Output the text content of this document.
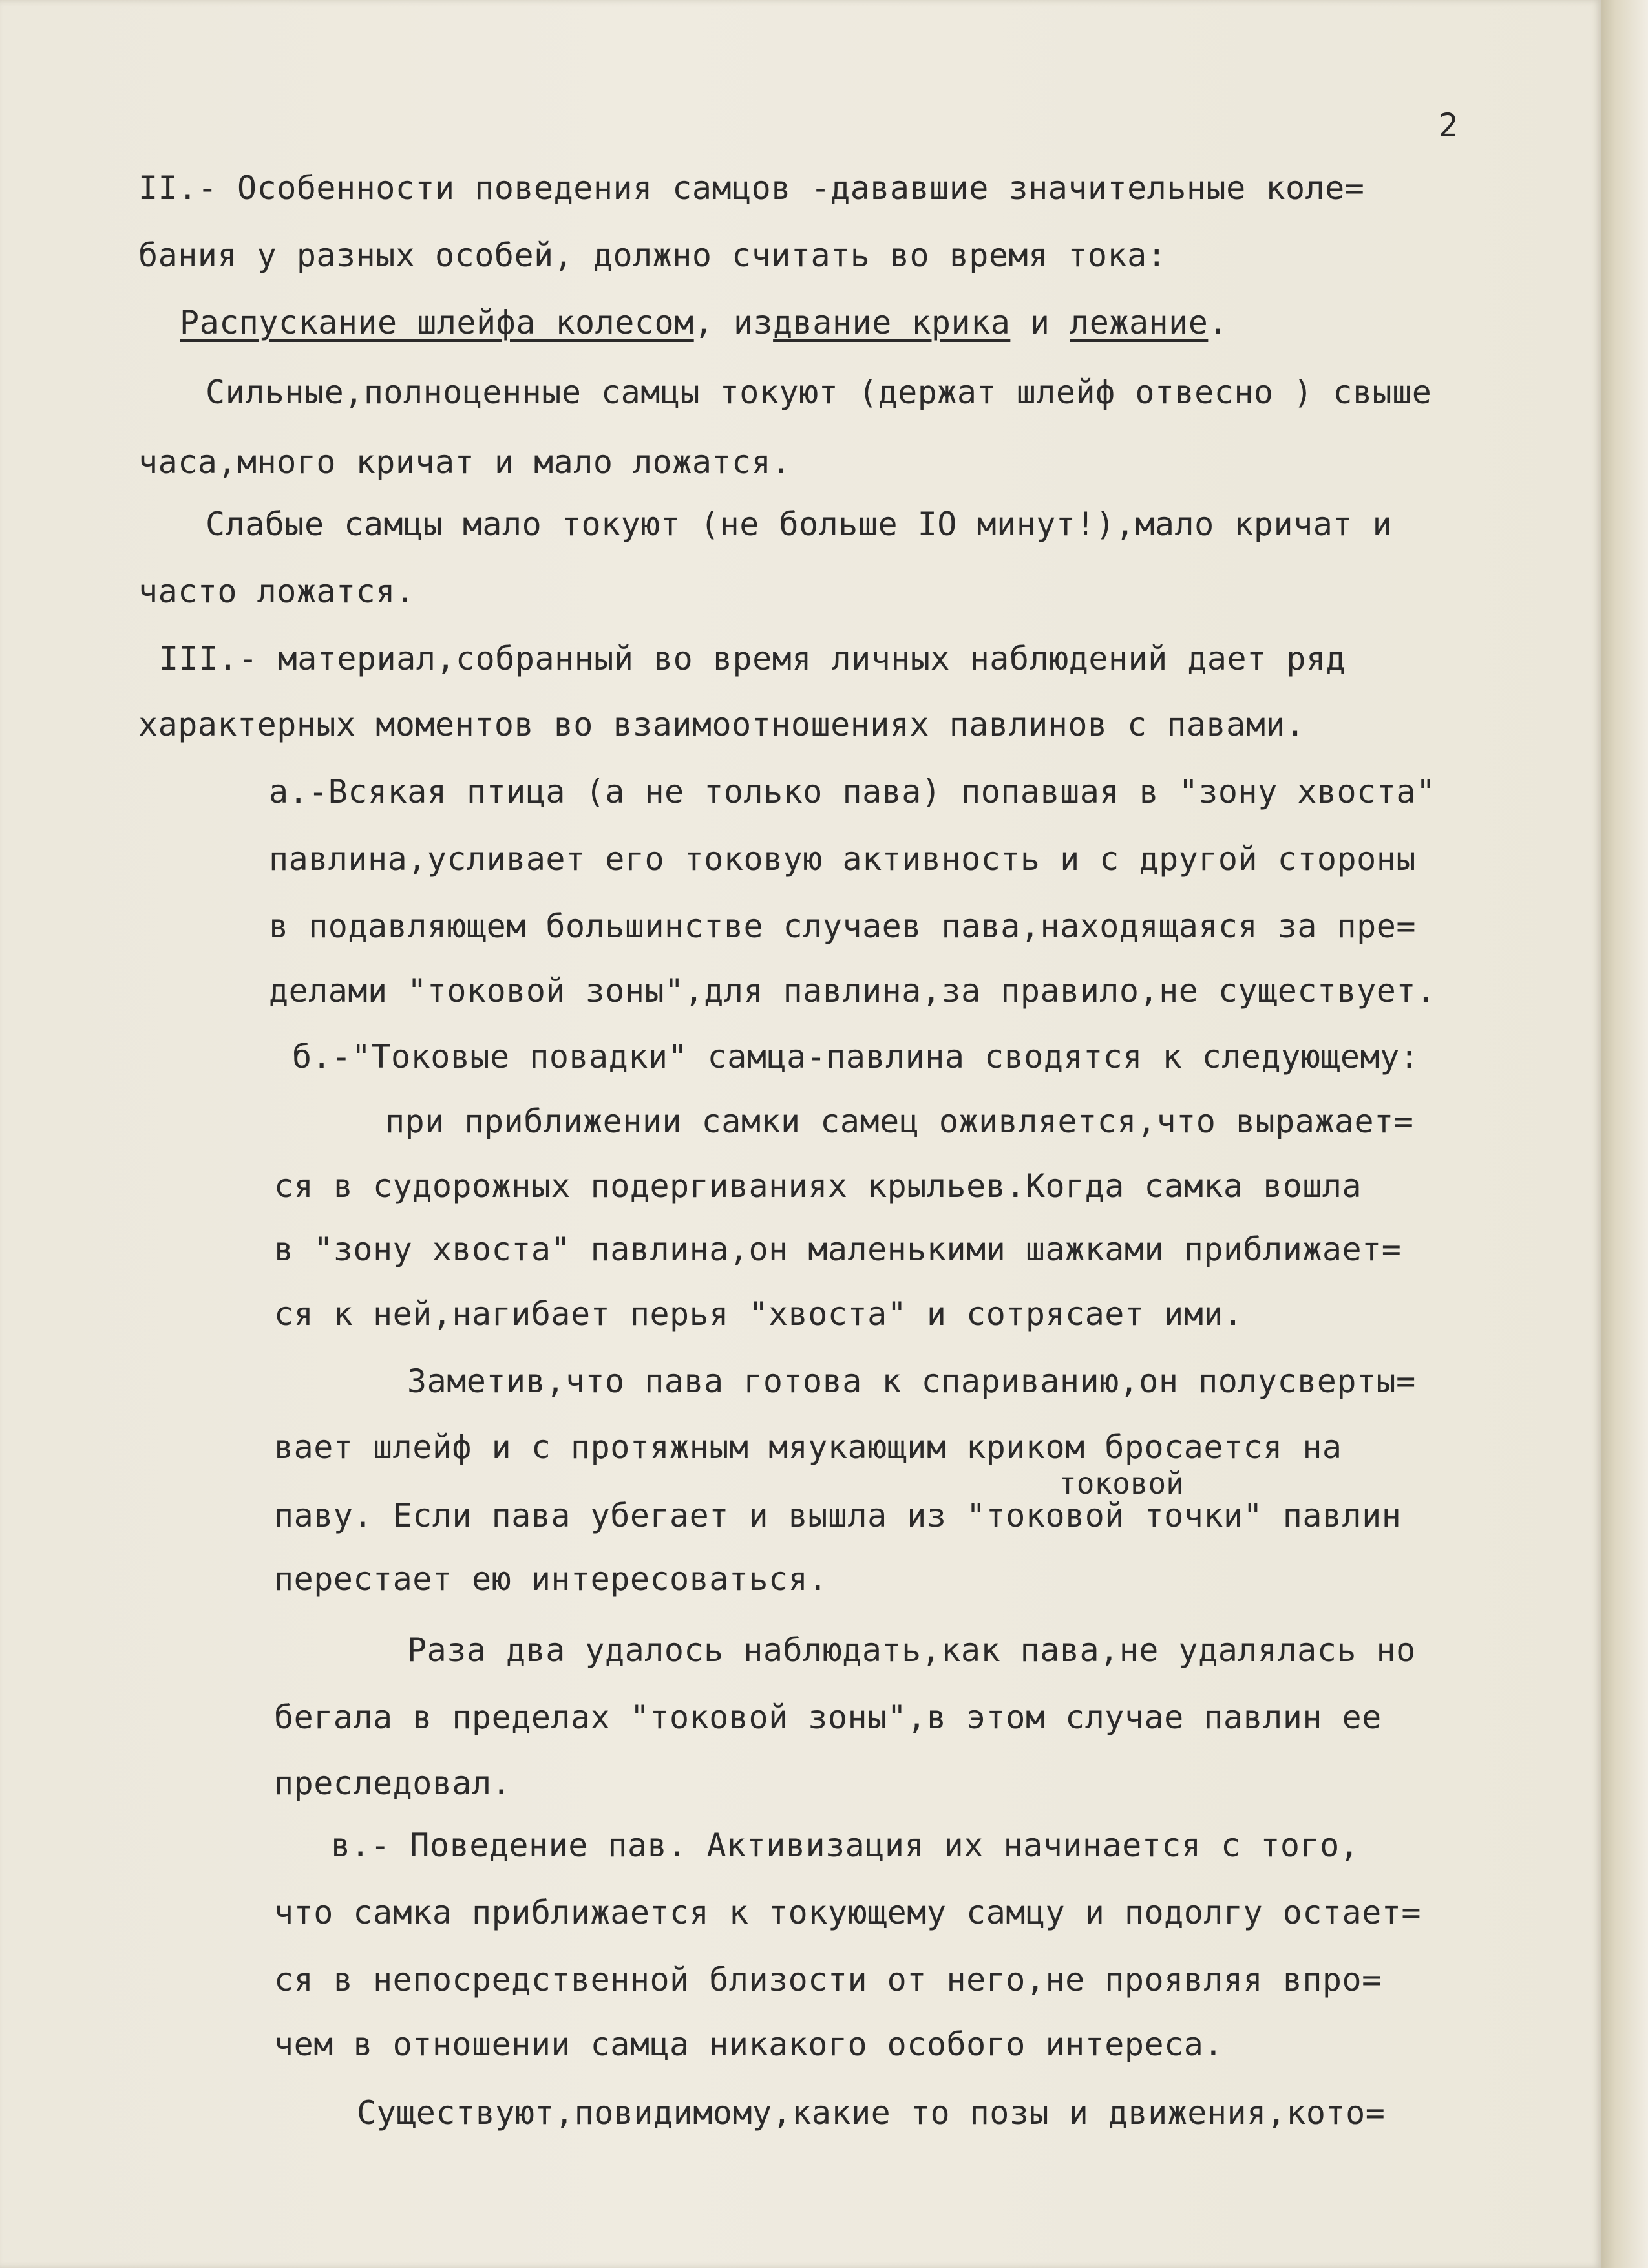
2
II.- Особенности поведения самцов -дававшие значительные коле=
бания у разных особей, должно считать во время тока:
Распускание шлейфа колесом, издвание крика и лежание.
Сильные,полноценные самцы токуют (держат шлейф отвесно ) свыше
часа,много кричат и мало ложатся.
Слабые самцы мало токуют (не больше IO минут!),мало кричат и
часто ложатся.
III.- материал,собранный во время личных наблюдений дает ряд
характерных моментов во взаимоотношениях павлинов с павами.
а.-Всякая птица (а не только пава) попавшая в "зону хвоста"
павлина,усливает его токовую активность и с другой стороны
в подавляющем большинстве случаев пава,находящаяся за пре=
делами "токовой зоны",для павлина,за правило,не существует.
б.-"Токовые повадки" самца-павлина сводятся к следующему:
при приближении самки самец оживляется,что выражает=
ся в судорожных подергиваниях крыльев.Когда самка вошла
в "зону хвоста" павлина,он маленькими шажками приближает=
ся к ней,нагибает перья "хвоста" и сотрясает ими.
Заметив,что пава готова к спариванию,он полусверты=
вает шлейф и с протяжным мяукающим криком бросается на
токовой
паву. Если пава убегает и вышла из "токовой точки" павлин
перестает ею интересоваться.
Раза два удалось наблюдать,как пава,не удалялась но
бегала в пределах "токовой зоны",в этом случае павлин ее
преследовал.
в.- Поведение пав. Активизация их начинается с того,
что самка приближается к токующему самцу и подолгу остает=
ся в непосредственной близости от него,не проявляя впро=
чем в отношении самца никакого особого интереса.
Существуют,повидимому,какие то позы и движения,кото=
